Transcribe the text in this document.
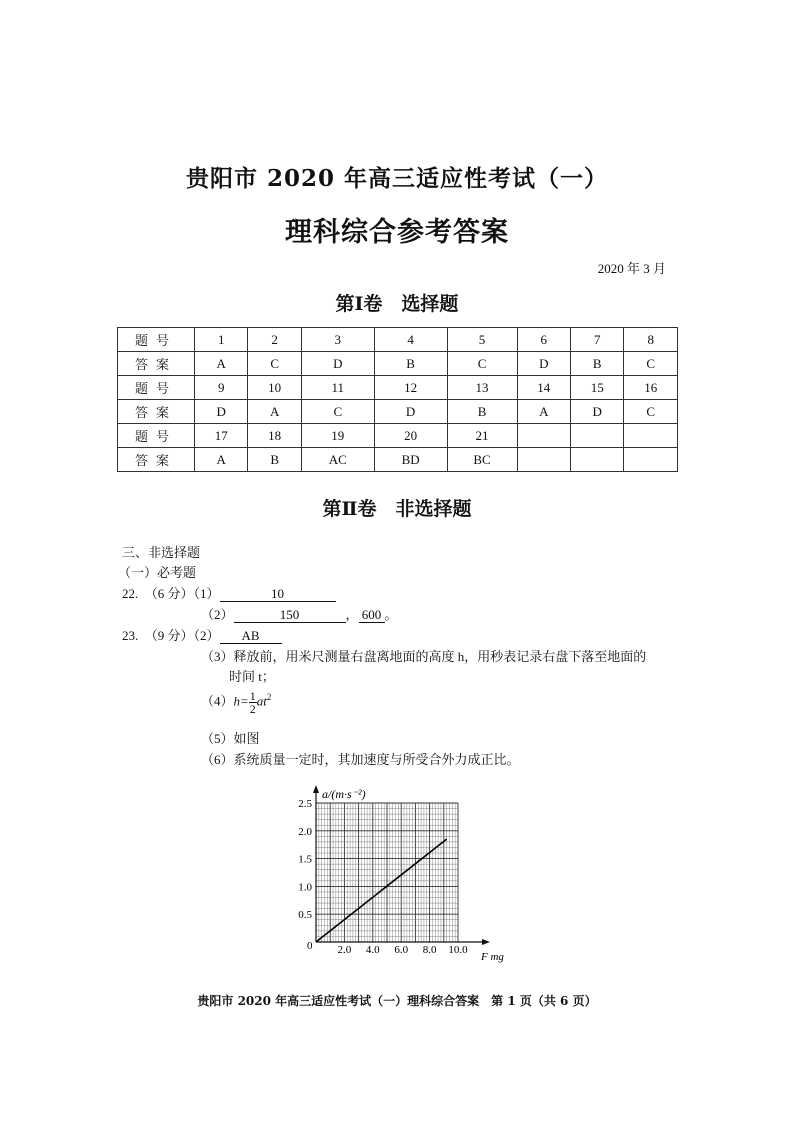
贵阳市 2020 年高三适应性考试（一）
理科综合参考答案
2020 年 3 月
第Ⅰ卷　选择题
题号	1	2	3	4	5	6	7	8
答案	A	C	D	B	C	D	B	C
题号	9	10	11	12	13	14	15	16
答案	D	A	C	D	B	A	D	C
题号	17	18	19	20	21			
答案	A	B	AC	BD	BC			
第Ⅱ卷　非选择题
三、非选择题
（一）必考题
22. （6 分）（1）	10
（2）	150	， 600 。
23. （9 分）（2） AB
（3）释放前，用米尺测量右盘离地面的高度 h，用秒表记录右盘下落至地面的
时间 t；
$(4)h= \frac{1}{2} at^2$
（5）如图
（6）系统质量一定时，其加速度与所受合外力成正比。
2.0 4.0 6.0 8.0 10.0
0.5
1.0
1.5
2.0
2.5
0
a/(m·s⁻²)
F mg
贵阳市 2020 年高三适应性考试（一）理科综合答案　第 1 页（共 6 页）
